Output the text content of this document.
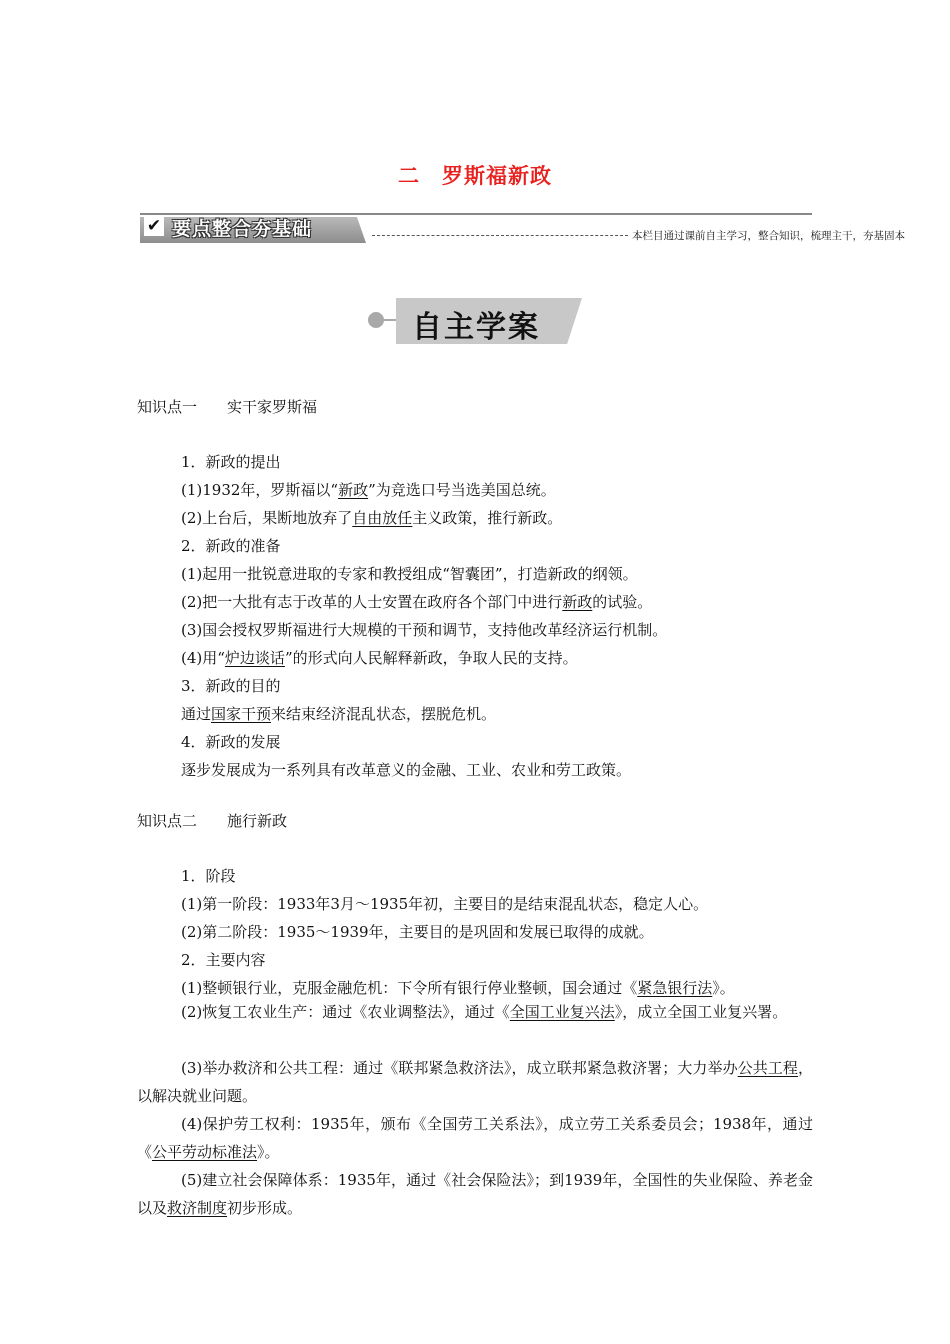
二 罗斯福新政
✔ 要点整合夯基础	本栏目通过课前自主学习，整合知识，梳理主干，夯基固本
自主学案
知识点一 实干家罗斯福
1．新政的提出
(1)1932年，罗斯福以“新政”为竞选口号当选美国总统。
(2)上台后，果断地放弃了自由放任主义政策，推行新政。
2．新政的准备
(1)起用一批锐意进取的专家和教授组成“智囊团”，打造新政的纲领。
(2)把一大批有志于改革的人士安置在政府各个部门中进行新政的试验。
(3)国会授权罗斯福进行大规模的干预和调节，支持他改革经济运行机制。
(4)用“炉边谈话”的形式向人民解释新政，争取人民的支持。
3．新政的目的
通过国家干预来结束经济混乱状态，摆脱危机。
4．新政的发展
逐步发展成为一系列具有改革意义的金融、工业、农业和劳工政策。
知识点二 施行新政
1．阶段
(1)第一阶段：1933年3月～1935年初，主要目的是结束混乱状态，稳定人心。
(2)第二阶段：1935～1939年，主要目的是巩固和发展已取得的成就。
2．主要内容
(1)整顿银行业，克服金融危机：下令所有银行停业整顿，国会通过《紧急银行法》。
(2)恢复工农业生产：通过《农业调整法》，通过《全国工业复兴法》，成立全国工业复兴署。
(3)举办救济和公共工程：通过《联邦紧急救济法》，成立联邦紧急救济署；大力举办公共工程，以解决就业问题。
(4)保护劳工权利：1935年，颁布《全国劳工关系法》，成立劳工关系委员会；1938年，通过《公平劳动标准法》。
(5)建立社会保障体系：1935年，通过《社会保险法》；到1939年，全国性的失业保险、养老金以及救济制度初步形成。
